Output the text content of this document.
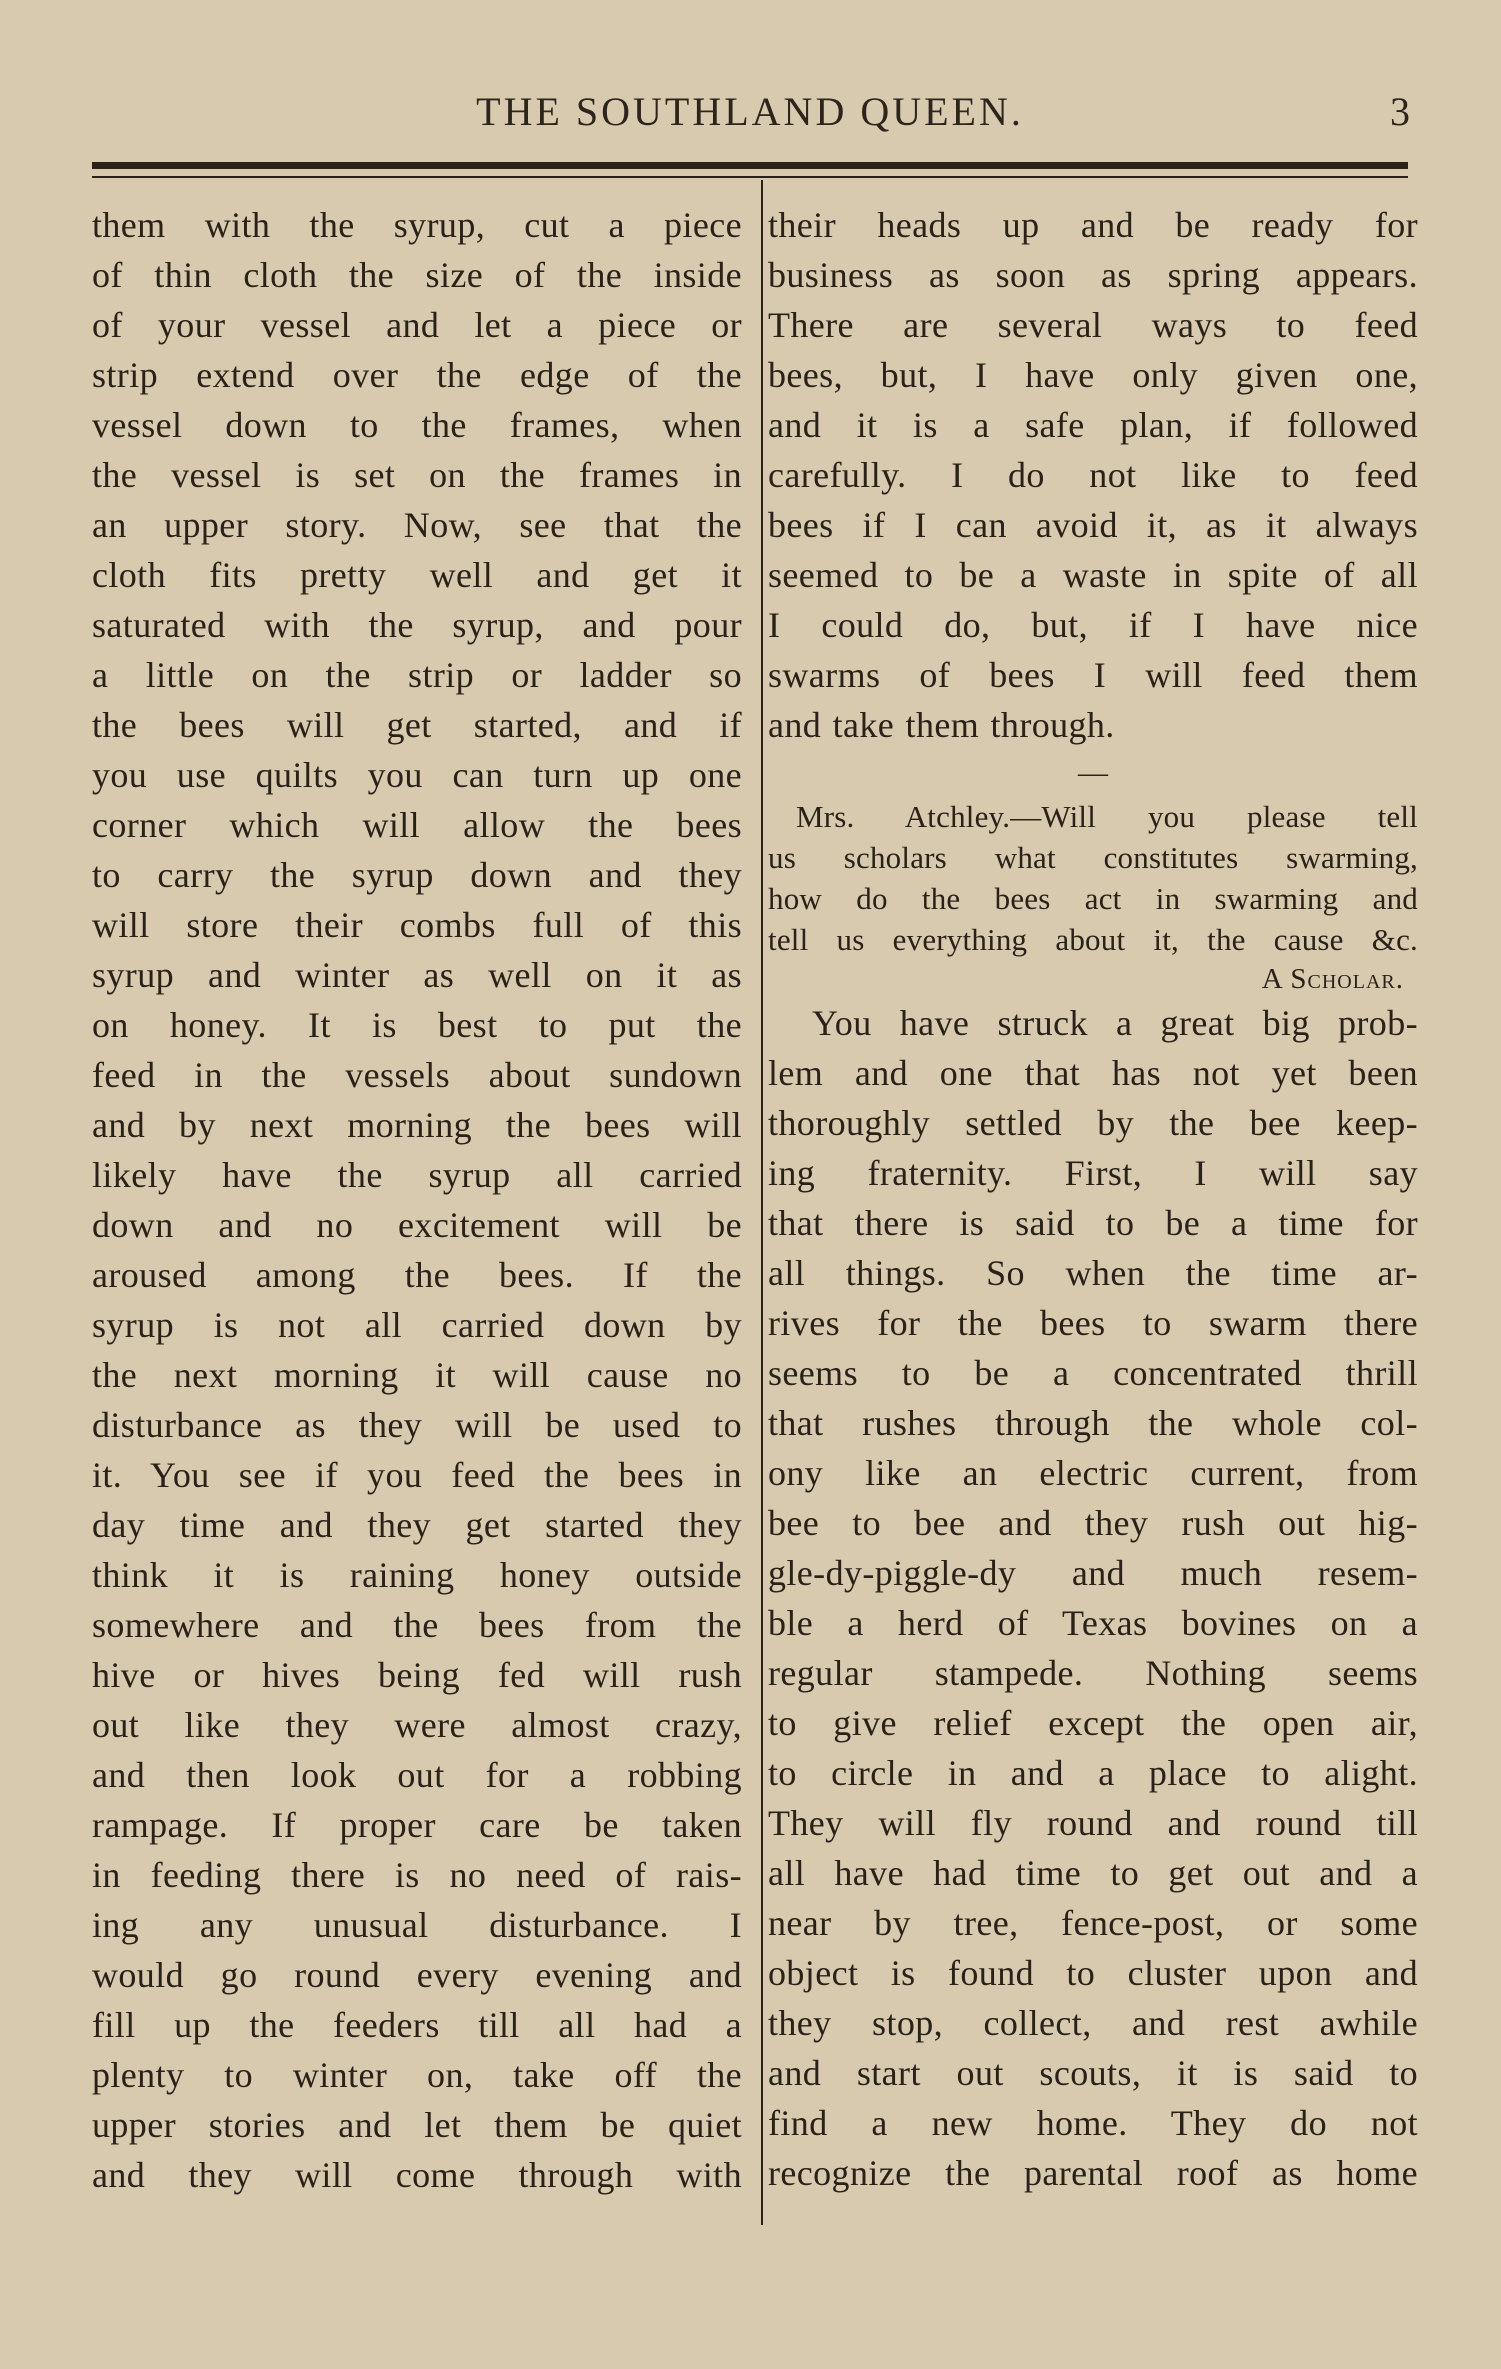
THE SOUTHLAND QUEEN.	3
them with the syrup, cut a piece
of thin cloth the size of the inside
of your vessel and let a piece or
strip extend over the edge of the
vessel down to the frames, when
the vessel is set on the frames in
an upper story. Now, see that the
cloth fits pretty well and get it
saturated with the syrup, and pour
a little on the strip or ladder so
the bees will get started, and if
you use quilts you can turn up one
corner which will allow the bees
to carry the syrup down and they
will store their combs full of this
syrup and winter as well on it as
on honey. It is best to put the
feed in the vessels about sundown
and by next morning the bees will
likely have the syrup all carried
down and no excitement will be
aroused among the bees. If the
syrup is not all carried down by
the next morning it will cause no
disturbance as they will be used to
it. You see if you feed the bees in
day time and they get started they
think it is raining honey outside
somewhere and the bees from the
hive or hives being fed will rush
out like they were almost crazy,
and then look out for a robbing
rampage. If proper care be taken
in feeding there is no need of rais-
ing any unusual disturbance. I
would go round every evening and
fill up the feeders till all had a
plenty to winter on, take off the
upper stories and let them be quiet
and they will come through with
their heads up and be ready for
business as soon as spring appears.
There are several ways to feed
bees, but, I have only given one,
and it is a safe plan, if followed
carefully. I do not like to feed
bees if I can avoid it, as it always
seemed to be a waste in spite of all
I could do, but, if I have nice
swarms of bees I will feed them
and take them through.
—
Mrs. Atchley.—Will you please tell
us scholars what constitutes swarming,
how do the bees act in swarming and
tell us everything about it, the cause &c.
A Scholar.
You have struck a great big prob-
lem and one that has not yet been
thoroughly settled by the bee keep-
ing fraternity. First, I will say
that there is said to be a time for
all things. So when the time ar-
rives for the bees to swarm there
seems to be a concentrated thrill
that rushes through the whole col-
ony like an electric current, from
bee to bee and they rush out hig-
gle-dy-piggle-dy and much resem-
ble a herd of Texas bovines on a
regular stampede. Nothing seems
to give relief except the open air,
to circle in and a place to alight.
They will fly round and round till
all have had time to get out and a
near by tree, fence-post, or some
object is found to cluster upon and
they stop, collect, and rest awhile
and start out scouts, it is said to
find a new home. They do not
recognize the parental roof as home
